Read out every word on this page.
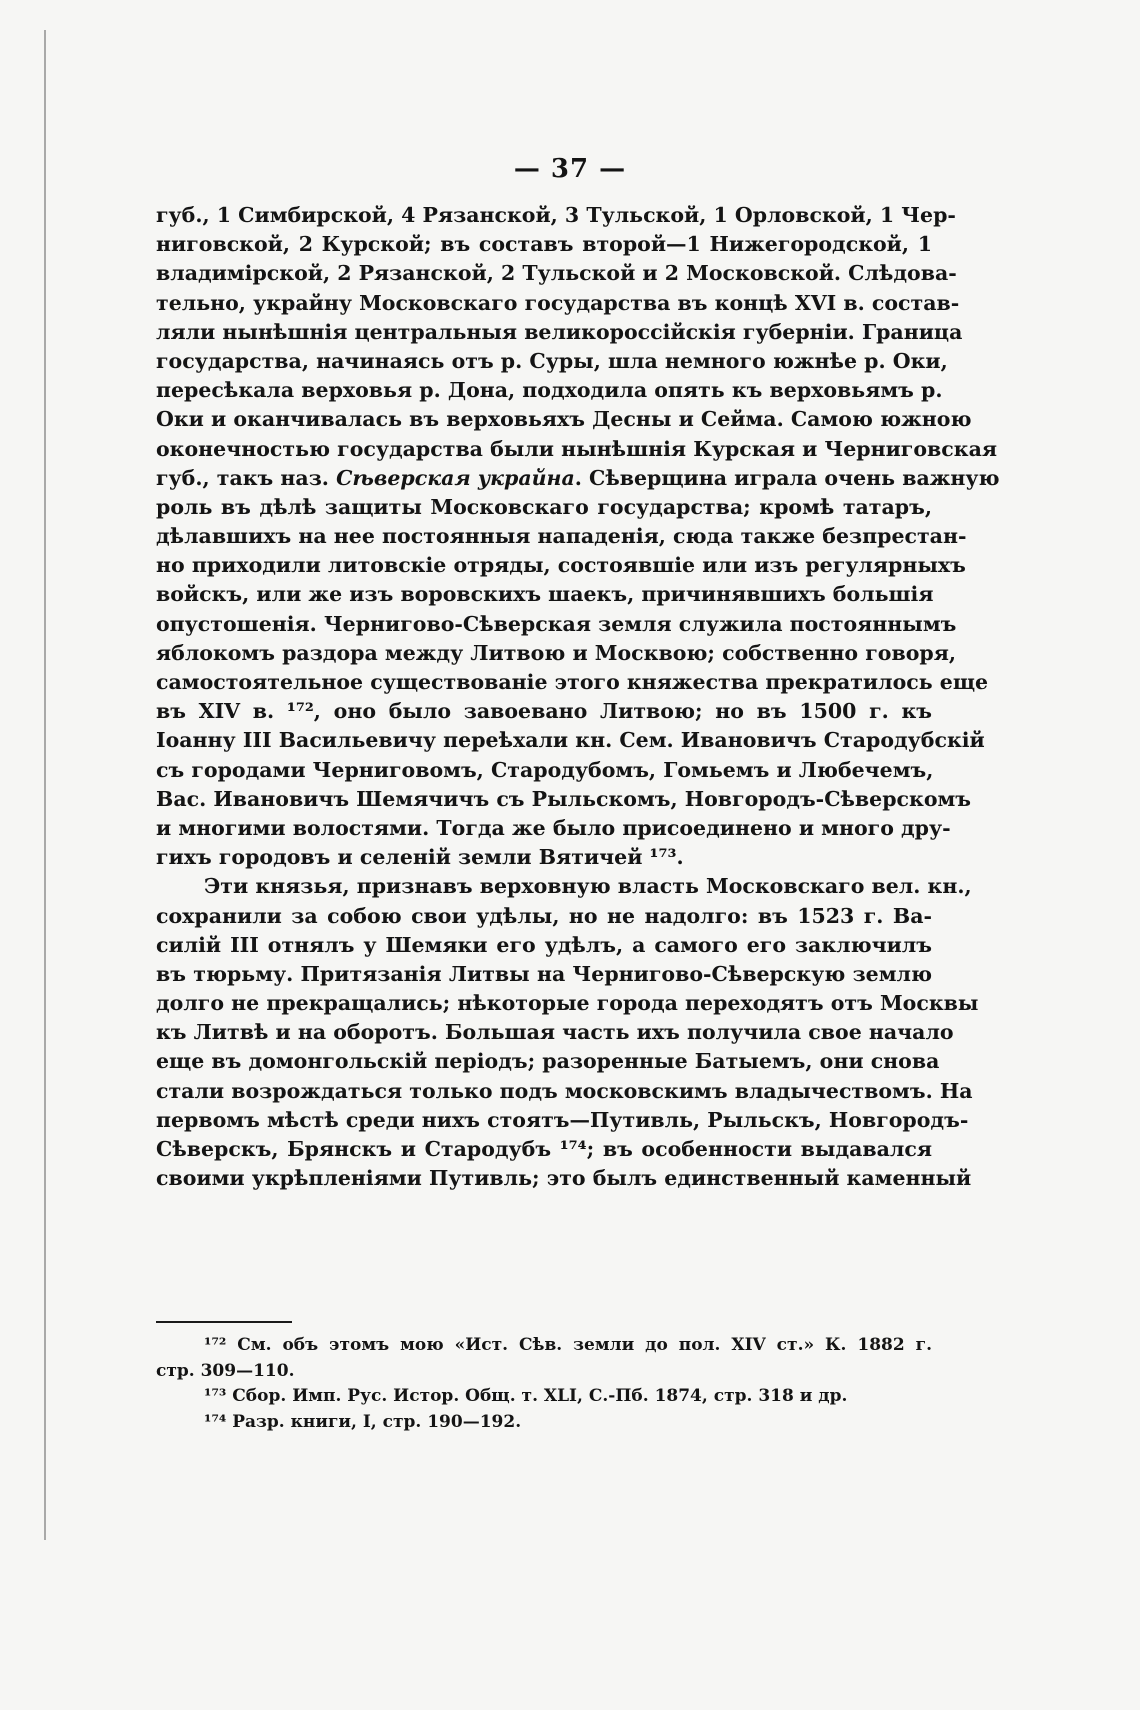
— 37 —
губ., 1 Симбирской, 4 Рязанской, 3 Тульской, 1 Орловской, 1 Чер-
ниговской, 2 Курской; въ составъ второй—1 Нижегородской, 1
владимірской, 2 Рязанской, 2 Тульской и 2 Московской. Слѣдова-
тельно, украйну Московскаго государства въ концѣ XVI в. состав-
ляли нынѣшнія центральныя великороссійскія губерніи. Граница
государства, начинаясь отъ р. Суры, шла немного южнѣе р. Оки,
пересѣкала верховья р. Дона, подходила опять къ верховьямъ р.
Оки и оканчивалась въ верховьяхъ Десны и Сейма. Самою южною
оконечностью государства были нынѣшнія Курская и Черниговская
губ., такъ наз. Сѣверская украйна. Сѣверщина играла очень важную
роль въ дѣлѣ защиты Московскаго государства; кромѣ татаръ,
дѣлавшихъ на нее постоянныя нападенія, сюда также безпрестан-
но приходили литовскіе отряды, состоявшіе или изъ регулярныхъ
войскъ, или же изъ воровскихъ шаекъ, причинявшихъ большія
опустошенія. Чернигово-Сѣверская земля служила постояннымъ
яблокомъ раздора между Литвою и Москвою; собственно говоря,
самостоятельное существованіе этого княжества прекратилось еще
въ XIV в. ¹⁷², оно было завоевано Литвою; но въ 1500 г. къ
Іоанну III Васильевичу переѣхали кн. Сем. Ивановичъ Стародубскій
съ городами Черниговомъ, Стародубомъ, Гомьемъ и Любечемъ,
Вас. Ивановичъ Шемячичъ съ Рыльскомъ, Новгородъ-Сѣверскомъ
и многими волостями. Тогда же было присоединено и много дру-
гихъ городовъ и селеній земли Вятичей ¹⁷³.
Эти князья, признавъ верховную власть Московскаго вел. кн.,
сохранили за собою свои удѣлы, но не надолго: въ 1523 г. Ва-
силій III отнялъ у Шемяки его удѣлъ, а самого его заключилъ
въ тюрьму. Притязанія Литвы на Чернигово-Сѣверскую землю
долго не прекращались; нѣкоторые города переходятъ отъ Москвы
къ Литвѣ и на оборотъ. Большая часть ихъ получила свое начало
еще въ домонгольскій періодъ; разоренные Батыемъ, они снова
стали возрождаться только подъ московскимъ владычествомъ. На
первомъ мѣстѣ среди нихъ стоятъ—Путивль, Рыльскъ, Новгородъ-
Сѣверскъ, Брянскъ и Стародубъ ¹⁷⁴; въ особенности выдавался
своими укрѣпленіями Путивль; это былъ единственный каменный
¹⁷² См. объ этомъ мою «Ист. Сѣв. земли до пол. XIV ст.» К. 1882 г.
стр. 309—110.
¹⁷³ Сбор. Имп. Рус. Истор. Общ. т. XLI, С.-Пб. 1874, стр. 318 и др.
¹⁷⁴ Разр. книги, I, стр. 190—192.
